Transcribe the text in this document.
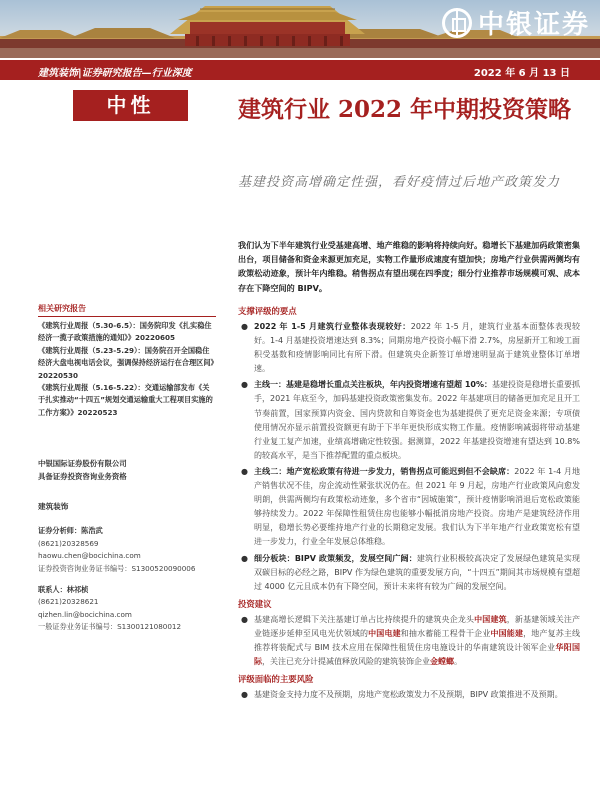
中银证券
建筑装饰|证券研究报告—行业深度	2022 年 6 月 13 日
中性	建筑行业 2022 年中期投资策略
基建投资高增确定性强，看好疫情过后地产政策发力
我们认为下半年建筑行业受基建高增、地产维稳的影响将持续向好。稳增长下基建加码政策密集出台，项目储备和资金来源更加充足，实物工作量形成速度有望加快；房地产行业供需两侧均有政策松动迹象，预计年内维稳。稍售拐点有望出现在四季度；细分行业推荐市场规模可观、成本存在下降空间的 BIPV。
相关研究报告

《建筑行业周报（5.30-6.5）：国务院印发《扎实稳住经济一揽子政策措施的通知》》20220605

《建筑行业周报（5.23-5.29）：国务院召开全国稳住经济大盘电视电话会议，强调保持经济运行在合理区间》20220530

《建筑行业周报（5.16-5.22）：交通运输部发布《关于扎实推动“十四五”规划交通运输重大工程项目实施的工作方案》》20220523

中银国际证券股份有限公司
具备证券投资咨询业务资格
建筑装饰
证券分析师：陈浩武
(8621)20328569
haowu.chen@bocichina.com
证券投资咨询业务证书编号：S1300520090006
联系人：林祁桢
(8621)20328621
qizhen.lin@bocichina.com
一般证券业务证书编号：S1300121080012
支撑评级的要点
● 2022 年 1-5 月建筑行业整体表现较好：2022 年 1-5 月，建筑行业基本面整体表现较好。1-4 月基建投资增速达到 8.3%；同期房地产投资小幅下滑 2.7%，房屋新开工和竣工面积受基数和疫情影响同比有所下滑。但建筑央企新签订单增速明显高于建筑业整体订单增速。
● 主线一：基建是稳增长重点关注板块，年内投资增速有望超 10%：基建投资是稳增长重要抓手，2021 年底至今，加码基建投资政策密集发布。2022 年基建项目的储备更加充足且开工节奏前置，国家预算内资金、国内贷款和自筹资金也为基建提供了更充足资金来源；专项债使用情况亦显示前置投资额更有助于下半年更快形成实物工作量。疫情影响减弱将带动基建行业复工复产加速，业绩高增确定性较强。据测算，2022 年基建投资增速有望达到 10.8%的较高水平，是当下推荐配置的重点板块。
● 主线二：地产宽松政策有待进一步发力，销售拐点可能迟到但不会缺席：2022 年 1-4 月地产销售状况不佳，房企流动性紧张状况仍在。但 2021 年 9 月起，房地产行业政策风向愈发明朗，供需两侧均有政策松动迹象，多个省市“因城施策”，预计疫情影响消退后宽松政策能够持续发力。2022 年保障性租赁住房也能够小幅抵消房地产投资。房地产是建筑经济作用明显，稳增长势必要维持地产行业的长期稳定发展。我们认为下半年地产行业政策宽松有望进一步发力，行业全年发展总体维稳。
● 细分板块：BIPV 政策频发，发展空间广阔：建筑行业积极较高决定了发展绿色建筑是实现双碳目标的必经之路，BIPV 作为绿色建筑的重要发展方向，“十四五”期间其市场规模有望超过 4000 亿元且成本仍有下降空间，预计未来将有较为广阔的发展空间。
投资建议
● 基建高增长逻辑下关注基建订单占比持续提升的建筑央企龙头中国建筑，新基建领域关注产业链逐步延伸至风电光伏领域的中国电建和抽水蓄能工程骨干企业中国能建，地产复苏主线推荐将装配式与 BIM 技术应用在保障性租赁住房电施设计的华南建筑设计领军企业华阳国际，关注已充分计提减值释放风险的建筑装饰企业金螳螂。
评级面临的主要风险
● 基建资金支持力度不及预期，房地产宽松政策发力不及预期，BIPV 政策推进不及预期。
